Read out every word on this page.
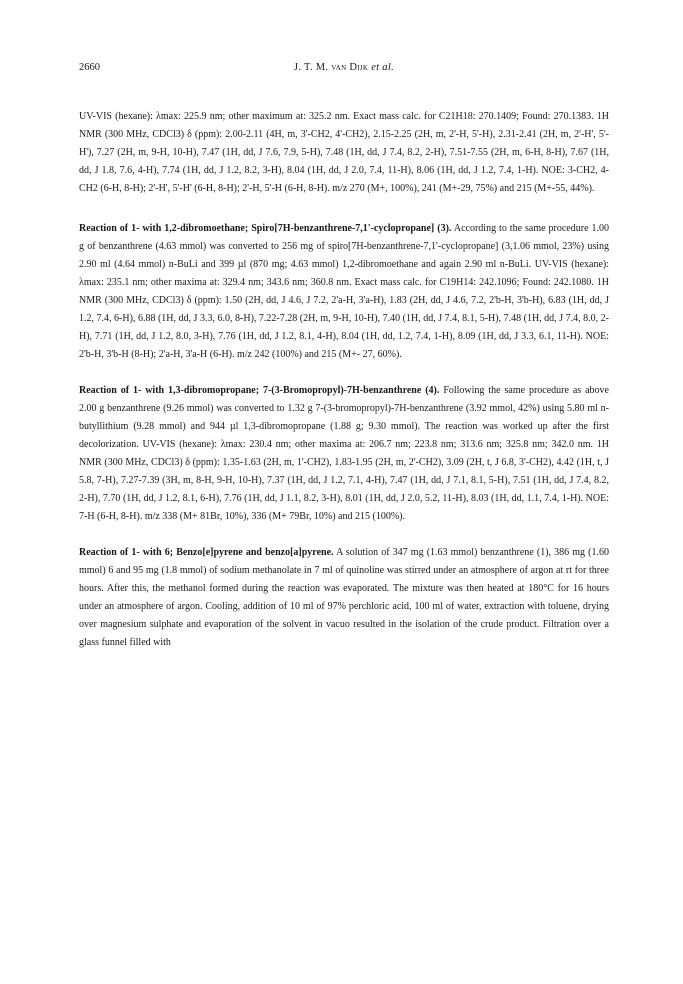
2660	J. T. M. van Dijk et al.

UV-VIS (hexane): λmax: 225.9 nm; other maximum at: 325.2 nm. Exact mass calc. for C21H18: 270.1409; Found: 270.1383. 1H NMR (300 MHz, CDCl3) δ (ppm): 2.00-2.11 (4H, m, 3'-CH2, 4'-CH2), 2.15-2.25 (2H, m, 2'-H, 5'-H), 2.31-2.41 (2H, m, 2'-H', 5'-H'), 7.27 (2H, m, 9-H, 10-H), 7.47 (1H, dd, J 7.6, 7.9, 5-H), 7.48 (1H, dd, J 7.4, 8.2, 2-H), 7.51-7.55 (2H, m, 6-H, 8-H), 7.67 (1H, dd, J 1.8, 7.6, 4-H), 7.74 (1H, dd, J 1.2, 8.2, 3-H), 8.04 (1H, dd, J 2.0, 7.4, 11-H), 8.06 (1H, dd, J 1.2, 7.4, 1-H). NOE: 3-CH2, 4-CH2 (6-H, 8-H); 2'-H', 5'-H' (6-H, 8-H); 2'-H, 5'-H (6-H, 8-H). m/z 270 (M+, 100%), 241 (M+-29, 75%) and 215 (M+-55, 44%).

Reaction of 1- with 1,2-dibromoethane; Spiro[7H-benzanthrene-7,1'-cyclopropane] (3). According to the same procedure 1.00 g of benzanthrene (4.63 mmol) was converted to 256 mg of spiro[7H-benzanthrene-7,1'-cyclopropane] (3,1.06 mmol, 23%) using 2.90 ml (4.64 mmol) n-BuLi and 399 µl (870 mg; 4.63 mmol) 1,2-dibromoethane and again 2.90 ml n-BuLi. UV-VIS (hexane): λmax: 235.1 nm; other maxima at: 329.4 nm; 343.6 nm; 360.8 nm. Exact mass calc. for C19H14: 242.1096; Found: 242.1080. 1H NMR (300 MHz, CDCl3) δ (ppm): 1.50 (2H, dd, J 4.6, J 7.2, 2'a-H, 3'a-H), 1.83 (2H, dd, J 4.6, 7.2, 2'b-H, 3'b-H), 6.83 (1H, dd, J 1.2, 7.4, 6-H), 6.88 (1H, dd, J 3.3, 6.0, 8-H), 7.22-7.28 (2H, m, 9-H, 10-H), 7.40 (1H, dd, J 7.4, 8.1, 5-H), 7.48 (1H, dd, J 7.4, 8.0, 2-H), 7.71 (1H, dd, J 1.2, 8.0, 3-H), 7.76 (1H, dd, J 1.2, 8.1, 4-H), 8.04 (1H, dd, 1.2, 7.4, 1-H), 8.09 (1H, dd, J 3.3, 6.1, 11-H). NOE: 2'b-H, 3'b-H (8-H); 2'a-H, 3'a-H (6-H). m/z 242 (100%) and 215 (M+- 27, 60%).

Reaction of 1- with 1,3-dibromopropane; 7-(3-Bromopropyl)-7H-benzanthrene (4). Following the same procedure as above 2.00 g benzanthrene (9.26 mmol) was converted to 1.32 g 7-(3-bromopropyl)-7H-benzanthrene (3.92 mmol, 42%) using 5.80 ml n-butyllithium (9.28 mmol) and 944 µl 1,3-dibromopropane (1.88 g; 9.30 mmol). The reaction was worked up after the first decolorization. UV-VIS (hexane): λmax: 230.4 nm; other maxima at: 206.7 nm; 223.8 nm; 313.6 nm; 325.8 nm; 342.0 nm. 1H NMR (300 MHz, CDCl3) δ (ppm): 1.35-1.63 (2H, m, 1'-CH2), 1.83-1.95 (2H, m, 2'-CH2), 3.09 (2H, t, J 6.8, 3'-CH2), 4.42 (1H, t, J 5.8, 7-H), 7.27-7.39 (3H, m, 8-H, 9-H, 10-H), 7.37 (1H, dd, J 1.2, 7.1, 4-H), 7.47 (1H, dd, J 7.1, 8.1, 5-H), 7.51 (1H, dd, J 7.4, 8.2, 2-H), 7.70 (1H, dd, J 1.2, 8.1, 6-H), 7.76 (1H, dd, J 1.1, 8.2, 3-H), 8.01 (1H, dd, J 2.0, 5.2, 11-H), 8.03 (1H, dd, 1.1, 7.4, 1-H). NOE: 7-H (6-H, 8-H). m/z 338 (M+ 81Br, 10%), 336 (M+ 79Br, 10%) and 215 (100%).

Reaction of 1- with 6; Benzo[e]pyrene and benzo[a]pyrene. A solution of 347 mg (1.63 mmol) benzanthrene (1), 386 mg (1.60 mmol) 6 and 95 mg (1.8 mmol) of sodium methanolate in 7 ml of quinoline was stirred under an atmosphere of argon at rt for three hours. After this, the methanol formed during the reaction was evaporated. The mixture was then heated at 180°C for 16 hours under an atmosphere of argon. Cooling, addition of 10 ml of 97% perchloric acid, 100 ml of water, extraction with toluene, drying over magnesium sulphate and evaporation of the solvent in vacuo resulted in the isolation of the crude product. Filtration over a glass funnel filled with
